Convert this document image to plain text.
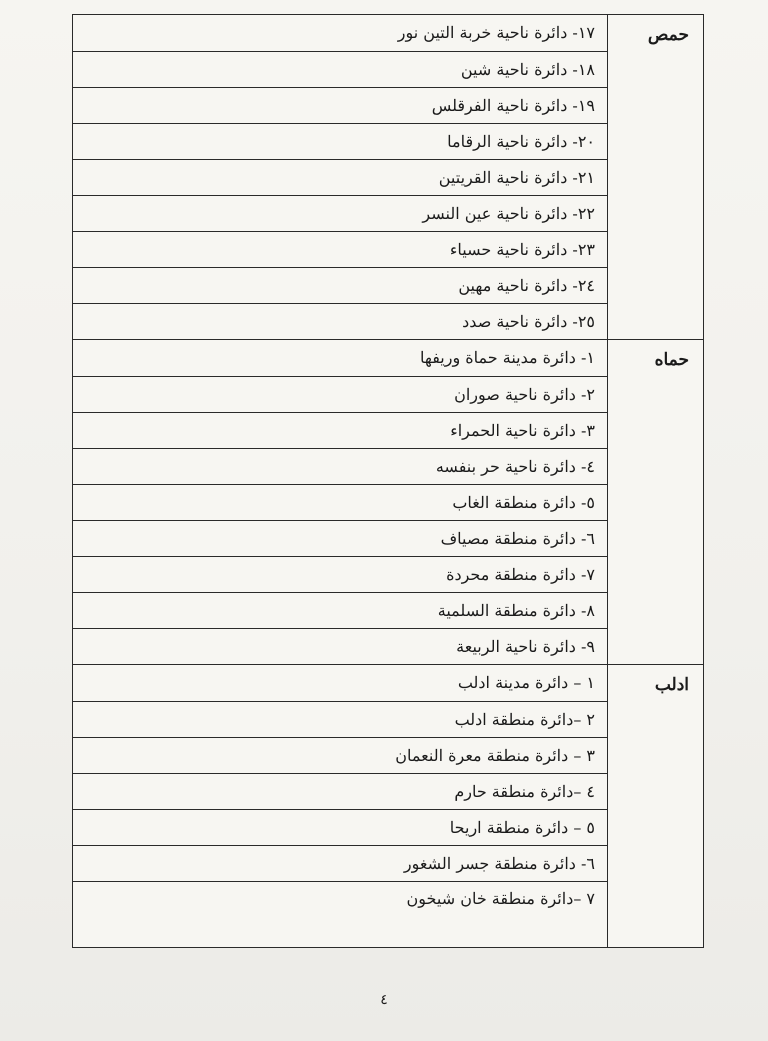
حمص
١٧- دائرة ناحية خربة التين نور
١٨- دائرة ناحية شين
١٩- دائرة ناحية الفرقلس
٢٠- دائرة ناحية الرقاما
٢١- دائرة ناحية القريتين
٢٢- دائرة ناحية عين النسر
٢٣- دائرة ناحية حسياء
٢٤- دائرة ناحية مهين
٢٥- دائرة ناحية صدد
حماه
١- دائرة مدينة حماة وريفها
٢- دائرة ناحية صوران
٣- دائرة ناحية الحمراء
٤- دائرة ناحية حر بنفسه
٥- دائرة منطقة الغاب
٦- دائرة منطقة مصياف
٧- دائرة منطقة محردة
٨- دائرة منطقة السلمية
٩- دائرة ناحية الربيعة
ادلب
١ – دائرة مدينة ادلب
٢ –دائرة منطقة ادلب
٣ – دائرة منطقة معرة النعمان
٤ –دائرة منطقة حارم
٥ – دائرة منطقة اريحا
٦- دائرة منطقة جسر الشغور
٧ –دائرة منطقة خان شيخون
٤
